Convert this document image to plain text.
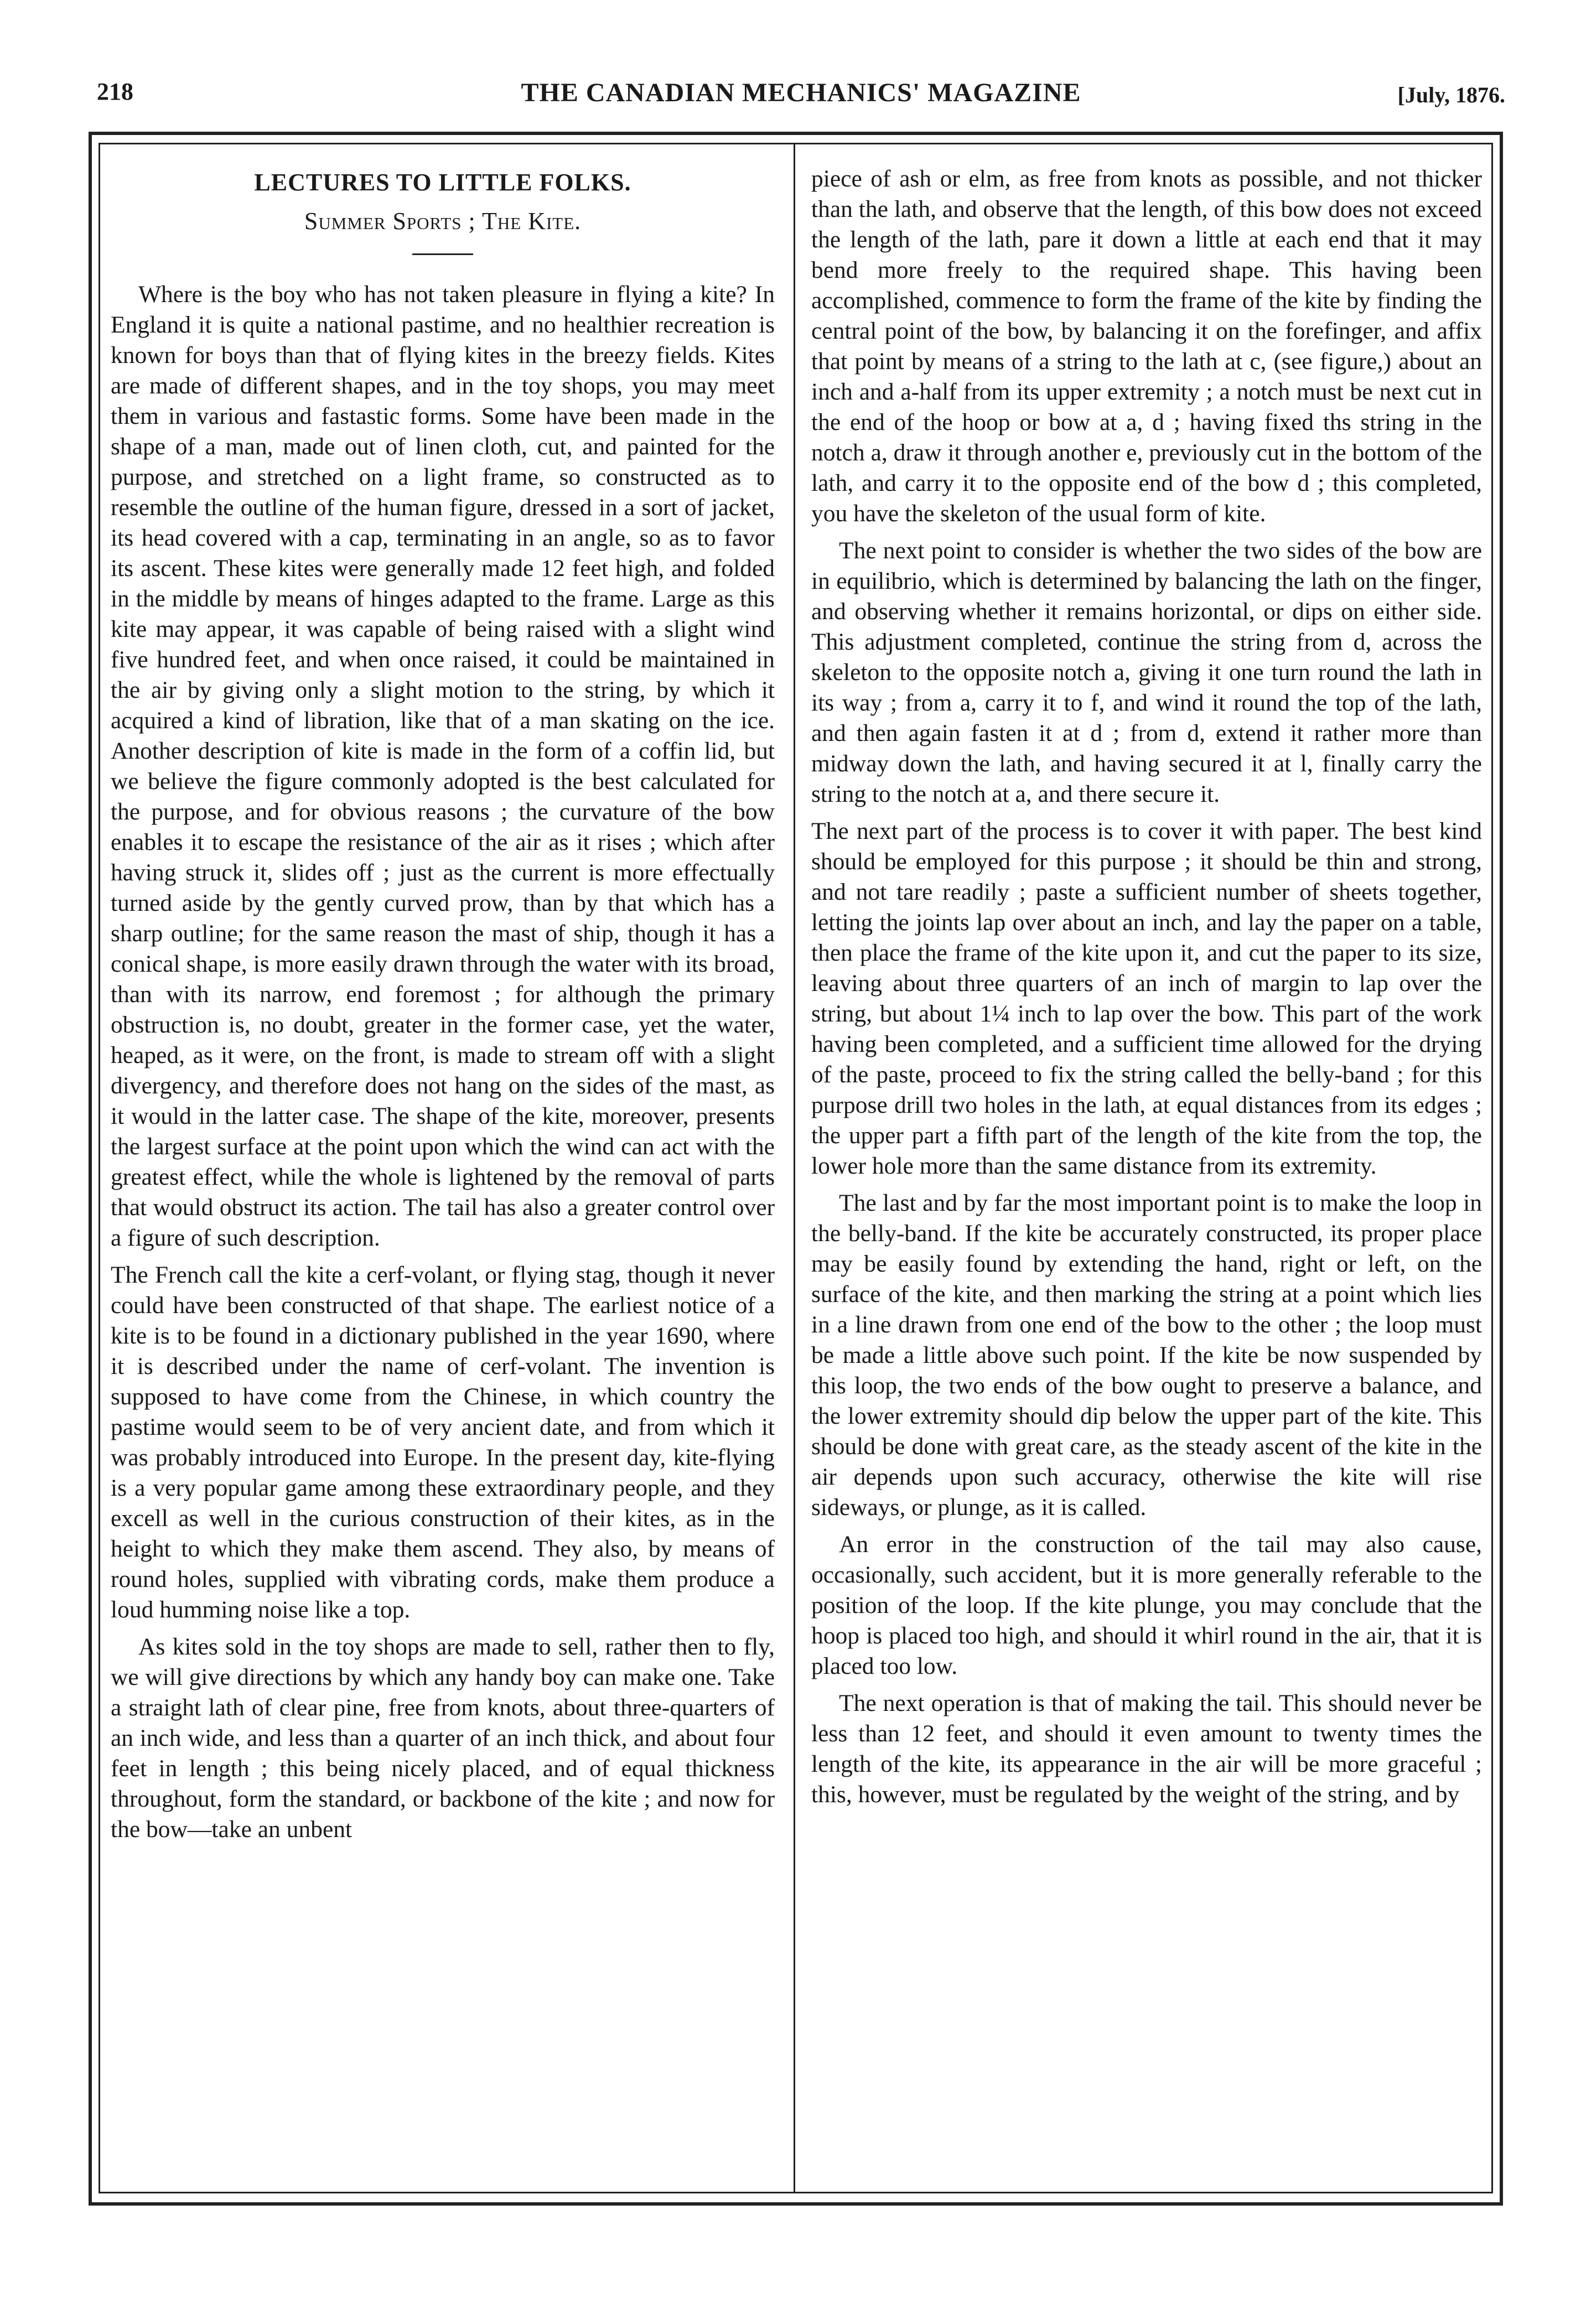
218	THE CANADIAN MECHANICS' MAGAZINE	[July, 1876.
LECTURES TO LITTLE FOLKS.
Summer Sports ; The Kite.

Where is the boy who has not taken pleasure in flying a kite? In England it is quite a national pastime, and no healthier recreation is known for boys than that of flying kites in the breezy fields. Kites are made of different shapes, and in the toy shops, you may meet them in various and fastastic forms. Some have been made in the shape of a man, made out of linen cloth, cut, and painted for the purpose, and stretched on a light frame, so constructed as to resemble the outline of the human figure, dressed in a sort of jacket, its head covered with a cap, terminating in an angle, so as to favor its ascent. These kites were generally made 12 feet high, and folded in the middle by means of hinges adapted to the frame. Large as this kite may appear, it was capable of being raised with a slight wind five hundred feet, and when once raised, it could be maintained in the air by giving only a slight motion to the string, by which it acquired a kind of libration, like that of a man skating on the ice. Another description of kite is made in the form of a coffin lid, but we believe the figure commonly adopted is the best calculated for the purpose, and for obvious reasons ; the curvature of the bow enables it to escape the resistance of the air as it rises ; which after having struck it, slides off ; just as the current is more effectually turned aside by the gently curved prow, than by that which has a sharp outline; for the same reason the mast of ship, though it has a conical shape, is more easily drawn through the water with its broad, than with its narrow, end foremost ; for although the primary obstruction is, no doubt, greater in the former case, yet the water, heaped, as it were, on the front, is made to stream off with a slight divergency, and therefore does not hang on the sides of the mast, as it would in the latter case. The shape of the kite, moreover, presents the largest surface at the point upon which the wind can act with the greatest effect, while the whole is lightened by the removal of parts that would obstruct its action. The tail has also a greater control over a figure of such description.

The French call the kite a cerf-volant, or flying stag, though it never could have been constructed of that shape. The earliest notice of a kite is to be found in a dictionary published in the year 1690, where it is described under the name of cerf-volant. The invention is supposed to have come from the Chinese, in which country the pastime would seem to be of very ancient date, and from which it was probably introduced into Europe. In the present day, kite-flying is a very popular game among these extraordinary people, and they excell as well in the curious construction of their kites, as in the height to which they make them ascend. They also, by means of round holes, supplied with vibrating cords, make them produce a loud humming noise like a top.

As kites sold in the toy shops are made to sell, rather then to fly, we will give directions by which any handy boy can make one. Take a straight lath of clear pine, free from knots, about three-quarters of an inch wide, and less than a quarter of an inch thick, and about four feet in length ; this being nicely placed, and of equal thickness throughout, form the standard, or backbone of the kite ; and now for the bow—take an unbent

piece of ash or elm, as free from knots as possible, and not thicker than the lath, and observe that the length, of this bow does not exceed the length of the lath, pare it down a little at each end that it may bend more freely to the required shape. This having been accomplished, commence to form the frame of the kite by finding the central point of the bow, by balancing it on the forefinger, and affix that point by means of a string to the lath at c, (see figure,) about an inch and a-half from its upper extremity ; a notch must be next cut in the end of the hoop or bow at a, d ; having fixed ths string in the notch a, draw it through another e, previously cut in the bottom of the lath, and carry it to the opposite end of the bow d ; this completed, you have the skeleton of the usual form of kite.

The next point to consider is whether the two sides of the bow are in equilibrio, which is determined by balancing the lath on the finger, and observing whether it remains horizontal, or dips on either side. This adjustment completed, continue the string from d, across the skeleton to the opposite notch a, giving it one turn round the lath in its way ; from a, carry it to f, and wind it round the top of the lath, and then again fasten it at d ; from d, extend it rather more than midway down the lath, and having secured it at l, finally carry the string to the notch at a, and there secure it.

The next part of the process is to cover it with paper. The best kind should be employed for this purpose ; it should be thin and strong, and not tare readily ; paste a sufficient number of sheets together, letting the joints lap over about an inch, and lay the paper on a table, then place the frame of the kite upon it, and cut the paper to its size, leaving about three quarters of an inch of margin to lap over the string, but about 1¼ inch to lap over the bow. This part of the work having been completed, and a sufficient time allowed for the drying of the paste, proceed to fix the string called the belly-band ; for this purpose drill two holes in the lath, at equal distances from its edges ; the upper part a fifth part of the length of the kite from the top, the lower hole more than the same distance from its extremity.

The last and by far the most important point is to make the loop in the belly-band. If the kite be accurately constructed, its proper place may be easily found by extending the hand, right or left, on the surface of the kite, and then marking the string at a point which lies in a line drawn from one end of the bow to the other ; the loop must be made a little above such point. If the kite be now suspended by this loop, the two ends of the bow ought to preserve a balance, and the lower extremity should dip below the upper part of the kite. This should be done with great care, as the steady ascent of the kite in the air depends upon such accuracy, otherwise the kite will rise sideways, or plunge, as it is called.

An error in the construction of the tail may also cause, occasionally, such accident, but it is more generally referable to the position of the loop. If the kite plunge, you may conclude that the hoop is placed too high, and should it whirl round in the air, that it is placed too low.

The next operation is that of making the tail. This should never be less than 12 feet, and should it even amount to twenty times the length of the kite, its appearance in the air will be more graceful ; this, however, must be regulated by the weight of the string, and by
